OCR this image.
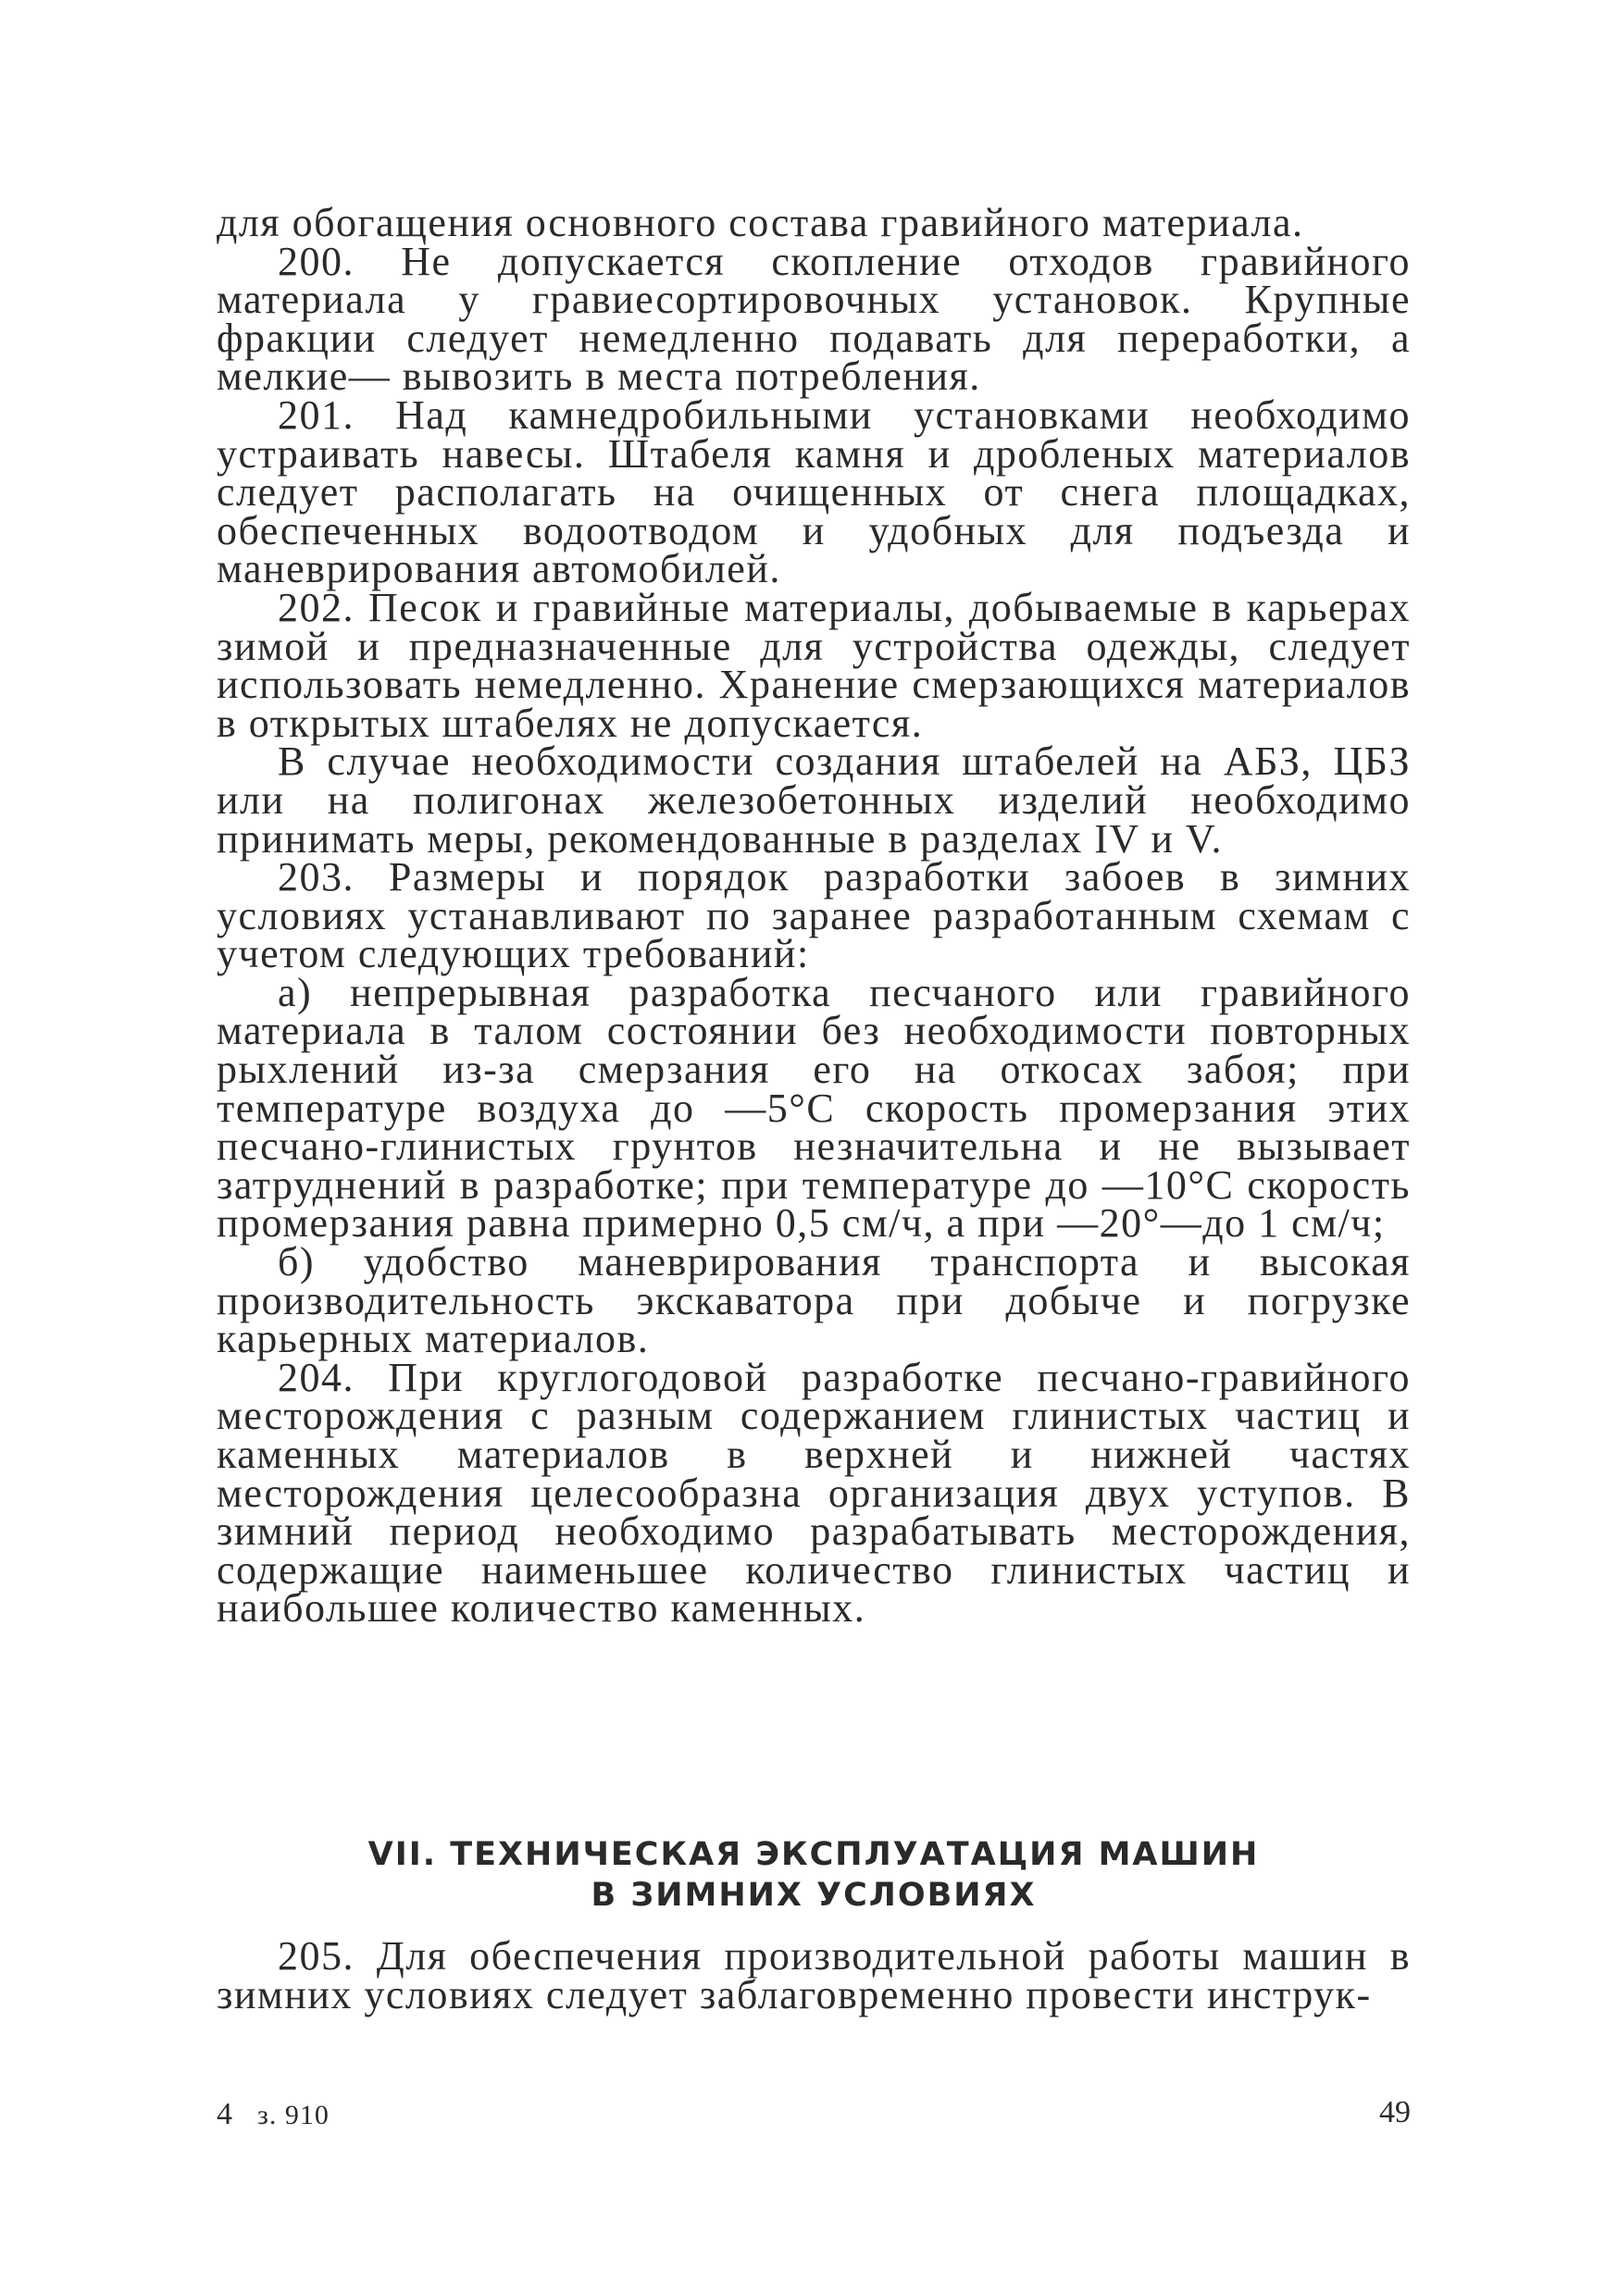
для обогащения основного состава гравийного материала.

200. Не допускается скопление отходов гравийного материала у гравиесортировочных установок. Крупные фракции следует немедленно подавать для переработки, а мелкие— вывозить в места потребления.

201. Над камнедробильными установками необходимо устраивать навесы. Штабеля камня и дробленых материалов следует располагать на очищенных от снега площадках, обеспеченных водоотводом и удобных для подъезда и маневрирования автомобилей.

202. Песок и гравийные материалы, добываемые в карьерах зимой и предназначенные для устройства одежды, следует использовать немедленно. Хранение смерзающихся материалов в открытых штабелях не допускается.

В случае необходимости создания штабелей на АБЗ, ЦБЗ или на полигонах железобетонных изделий необходимо принимать меры, рекомендованные в разделах IV и V.

203. Размеры и порядок разработки забоев в зимних условиях устанавливают по заранее разработанным схемам с учетом следующих требований:

а) непрерывная разработка песчаного или гравийного материала в талом состоянии без необходимости повторных рыхлений из-за смерзания его на откосах забоя; при температуре воздуха до —5°С скорость промерзания этих песчано-глинистых грунтов незначительна и не вызывает затруднений в разработке; при температуре до —10°С скорость промерзания равна примерно 0,5 см/ч, а при —20°—до 1 см/ч;

б) удобство маневрирования транспорта и высокая производительность экскаватора при добыче и погрузке карьерных материалов.

204. При круглогодовой разработке песчано-гравийного месторождения с разным содержанием глинистых частиц и каменных материалов в верхней и нижней частях месторождения целесообразна организация двух уступов. В зимний период необходимо разрабатывать месторождения, содержащие наименьшее количество глинистых частиц и наибольшее количество каменных.

VII. ТЕХНИЧЕСКАЯ ЭКСПЛУАТАЦИЯ МАШИН
В ЗИМНИХ УСЛОВИЯХ

205. Для обеспечения производительной работы машин в зимних условиях следует заблаговременно провести инструк-

4 з. 910	49
